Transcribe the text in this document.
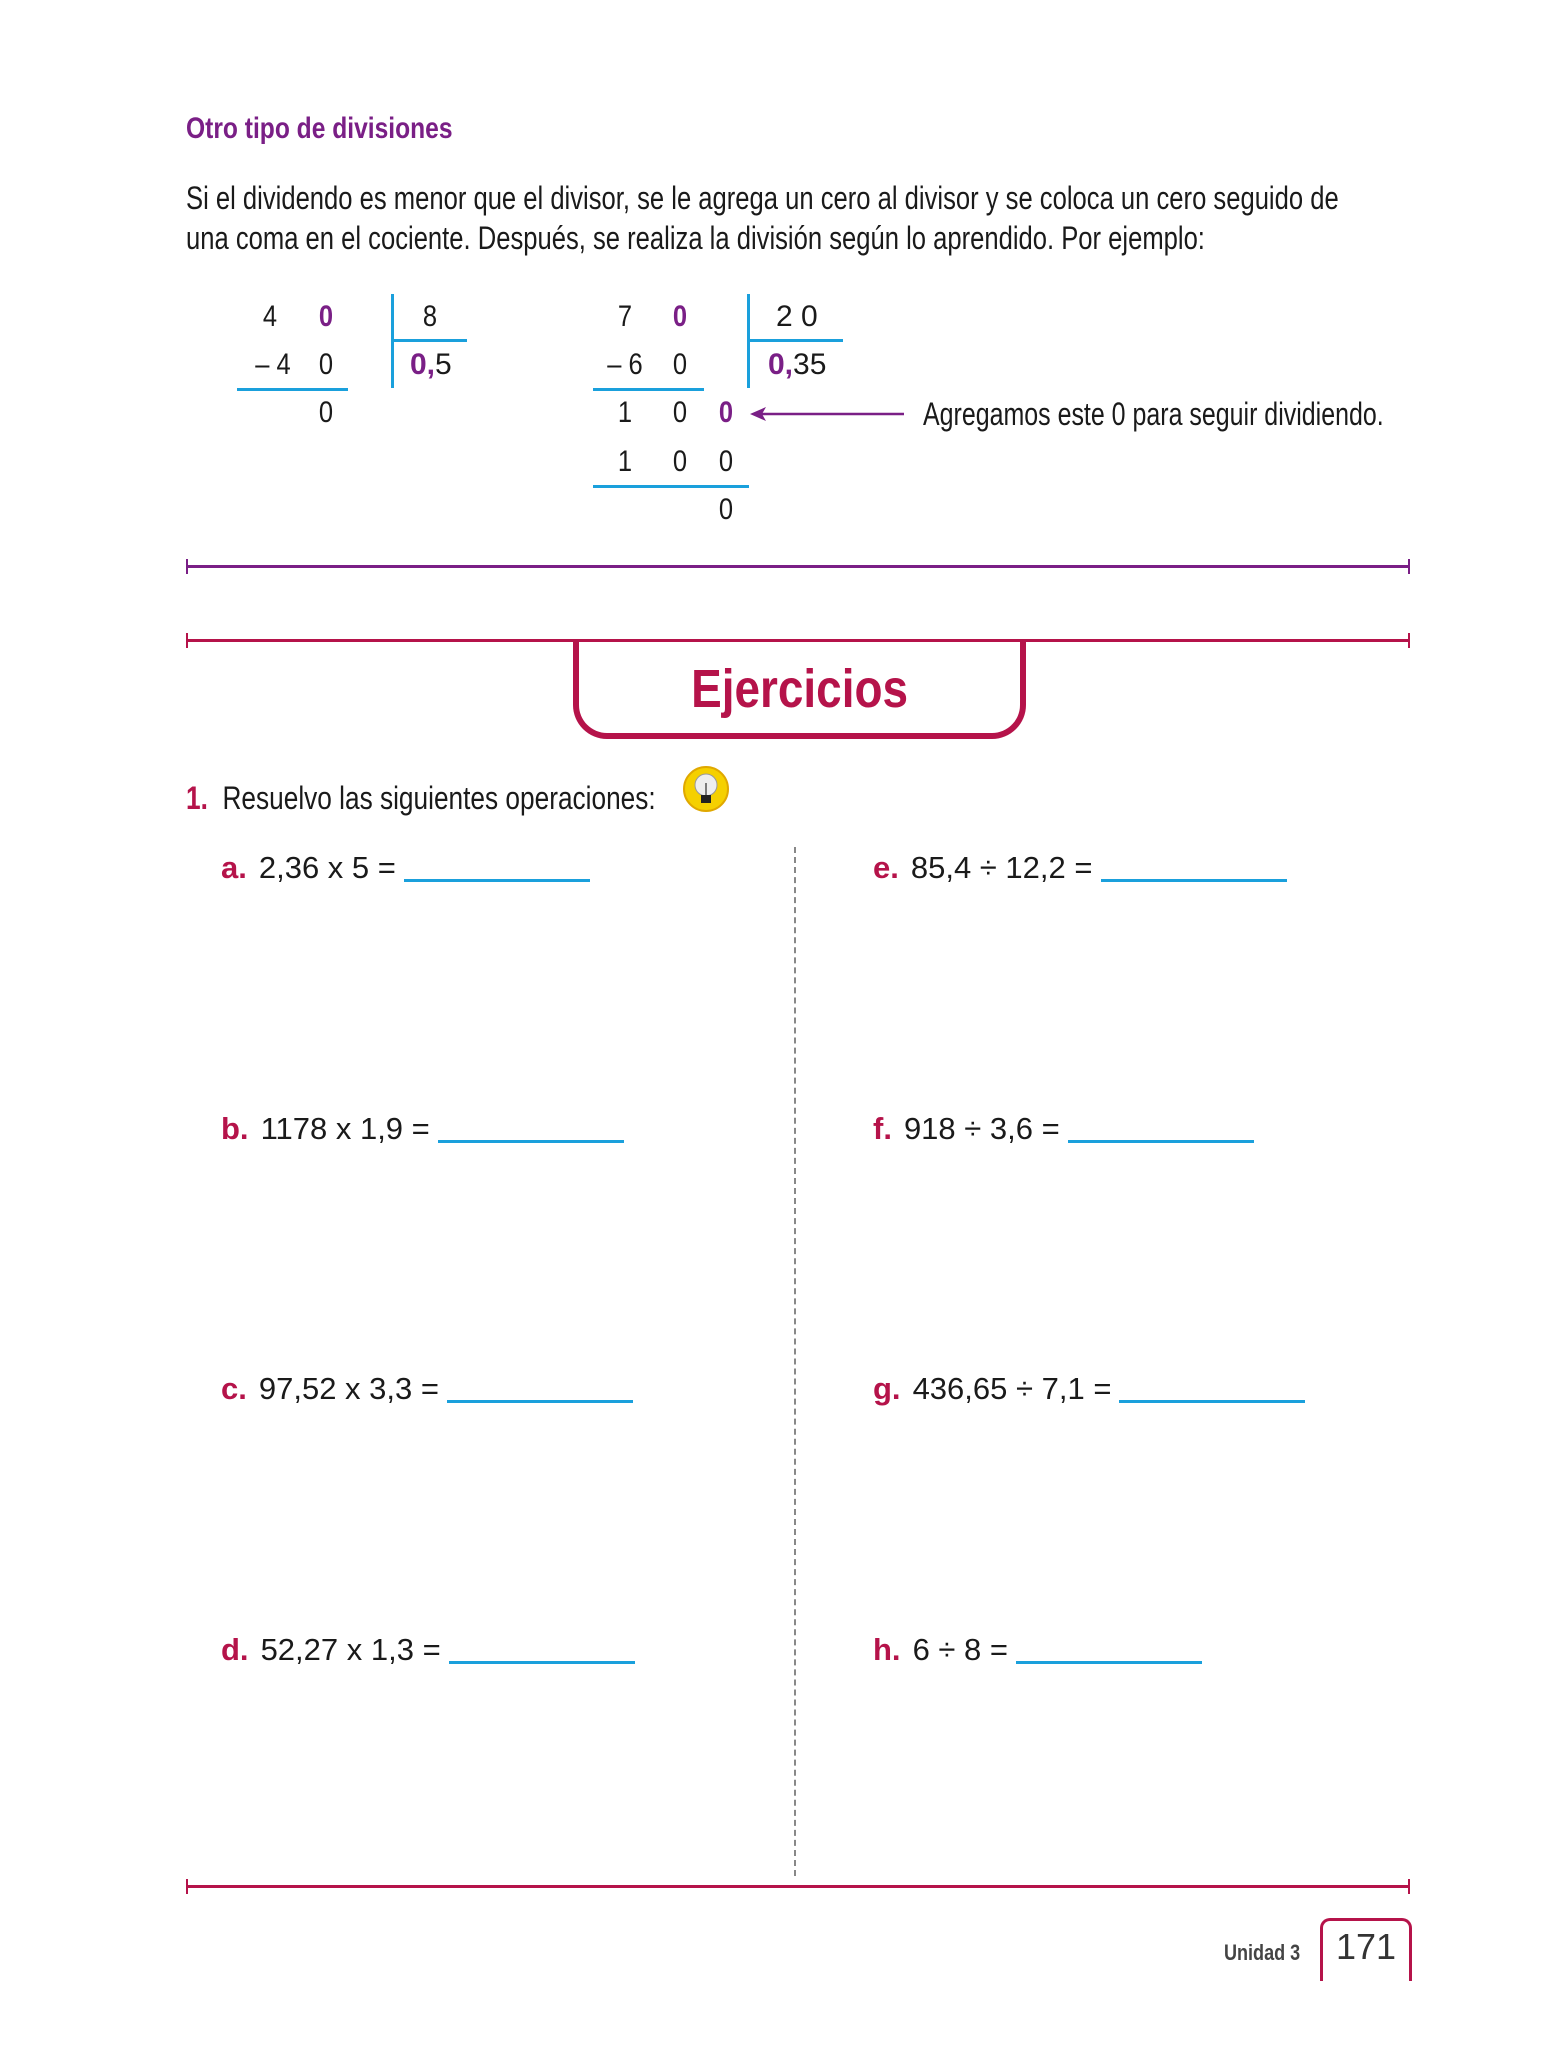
Otro tipo de divisiones
Si el dividendo es menor que el divisor, se le agrega un cero al divisor y se coloca un cero seguido de
una coma en el cociente. Después, se realiza la división según lo aprendido. Por ejemplo:
4 0
– 4 0
0
8
0,5
7 0
– 6 0
1 0 0
1 0 0
0
2 0
0,35
Agregamos este 0 para seguir dividiendo.
Ejercicios
1. Resuelvo las siguientes operaciones:
a. 2,36 x 5 =
b. 1178 x 1,9 =
c. 97,52 x 3,3 =
d. 52,27 x 1,3 =
e. 85,4 ÷ 12,2 =
f. 918 ÷ 3,6 =
g. 436,65 ÷ 7,1 =
h. 6 ÷ 8 =
Unidad 3 171
